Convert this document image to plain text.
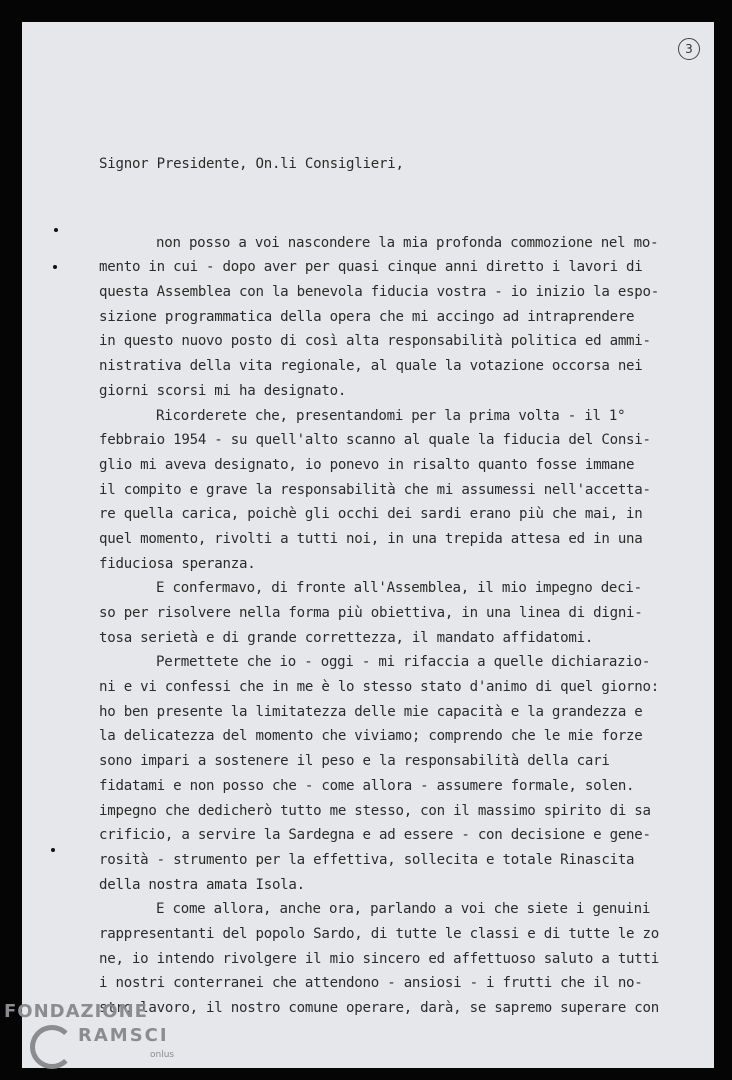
3
Signor Presidente, On.li Consiglieri,
non posso a voi nascondere la mia profonda commozione nel mo-
mento in cui - dopo aver per quasi cinque anni diretto i lavori di
questa Assemblea con la benevola fiducia vostra - io inizio la espo-
sizione programmatica della opera che mi accingo ad intraprendere
in questo nuovo posto di così alta responsabilità politica ed ammi-
nistrativa della vita regionale, al quale la votazione occorsa nei
giorni scorsi mi ha designato.
Ricorderete che, presentandomi per la prima volta - il 1°
febbraio 1954 - su quell'alto scanno al quale la fiducia del Consi-
glio mi aveva designato, io ponevo in risalto quanto fosse immane
il compito e grave la responsabilità che mi assumessi nell'accetta-
re quella carica, poichè gli occhi dei sardi erano più che mai, in
quel momento, rivolti a tutti noi, in una trepida attesa ed in una
fiduciosa speranza.
E confermavo, di fronte all'Assemblea, il mio impegno deci-
so per risolvere nella forma più obiettiva, in una linea di digni-
tosa serietà e di grande correttezza, il mandato affidatomi.
Permettete che io - oggi - mi rifaccia a quelle dichiarazio-
ni e vi confessi che in me è lo stesso stato d'animo di quel giorno:
ho ben presente la limitatezza delle mie capacità e la grandezza e
la delicatezza del momento che viviamo; comprendo che le mie forze
sono impari a sostenere il peso e la responsabilità della cari
fidatami e non posso che - come allora - assumere formale, solen.
impegno che dedicherò tutto me stesso, con il massimo spirito di sa
crificio, a servire la Sardegna e ad essere - con decisione e gene-
rosità - strumento per la effettiva, sollecita e totale Rinascita
della nostra amata Isola.
E come allora, anche ora, parlando a voi che siete i genuini
rappresentanti del popolo Sardo, di tutte le classi e di tutte le zo
ne, io intendo rivolgere il mio sincero ed affettuoso saluto a tutti
i nostri conterranei che attendono - ansiosi - i frutti che il no-
stro lavoro, il nostro comune operare, darà, se sapremo superare con
FONDAZIONE
RAMSCI
onlus
